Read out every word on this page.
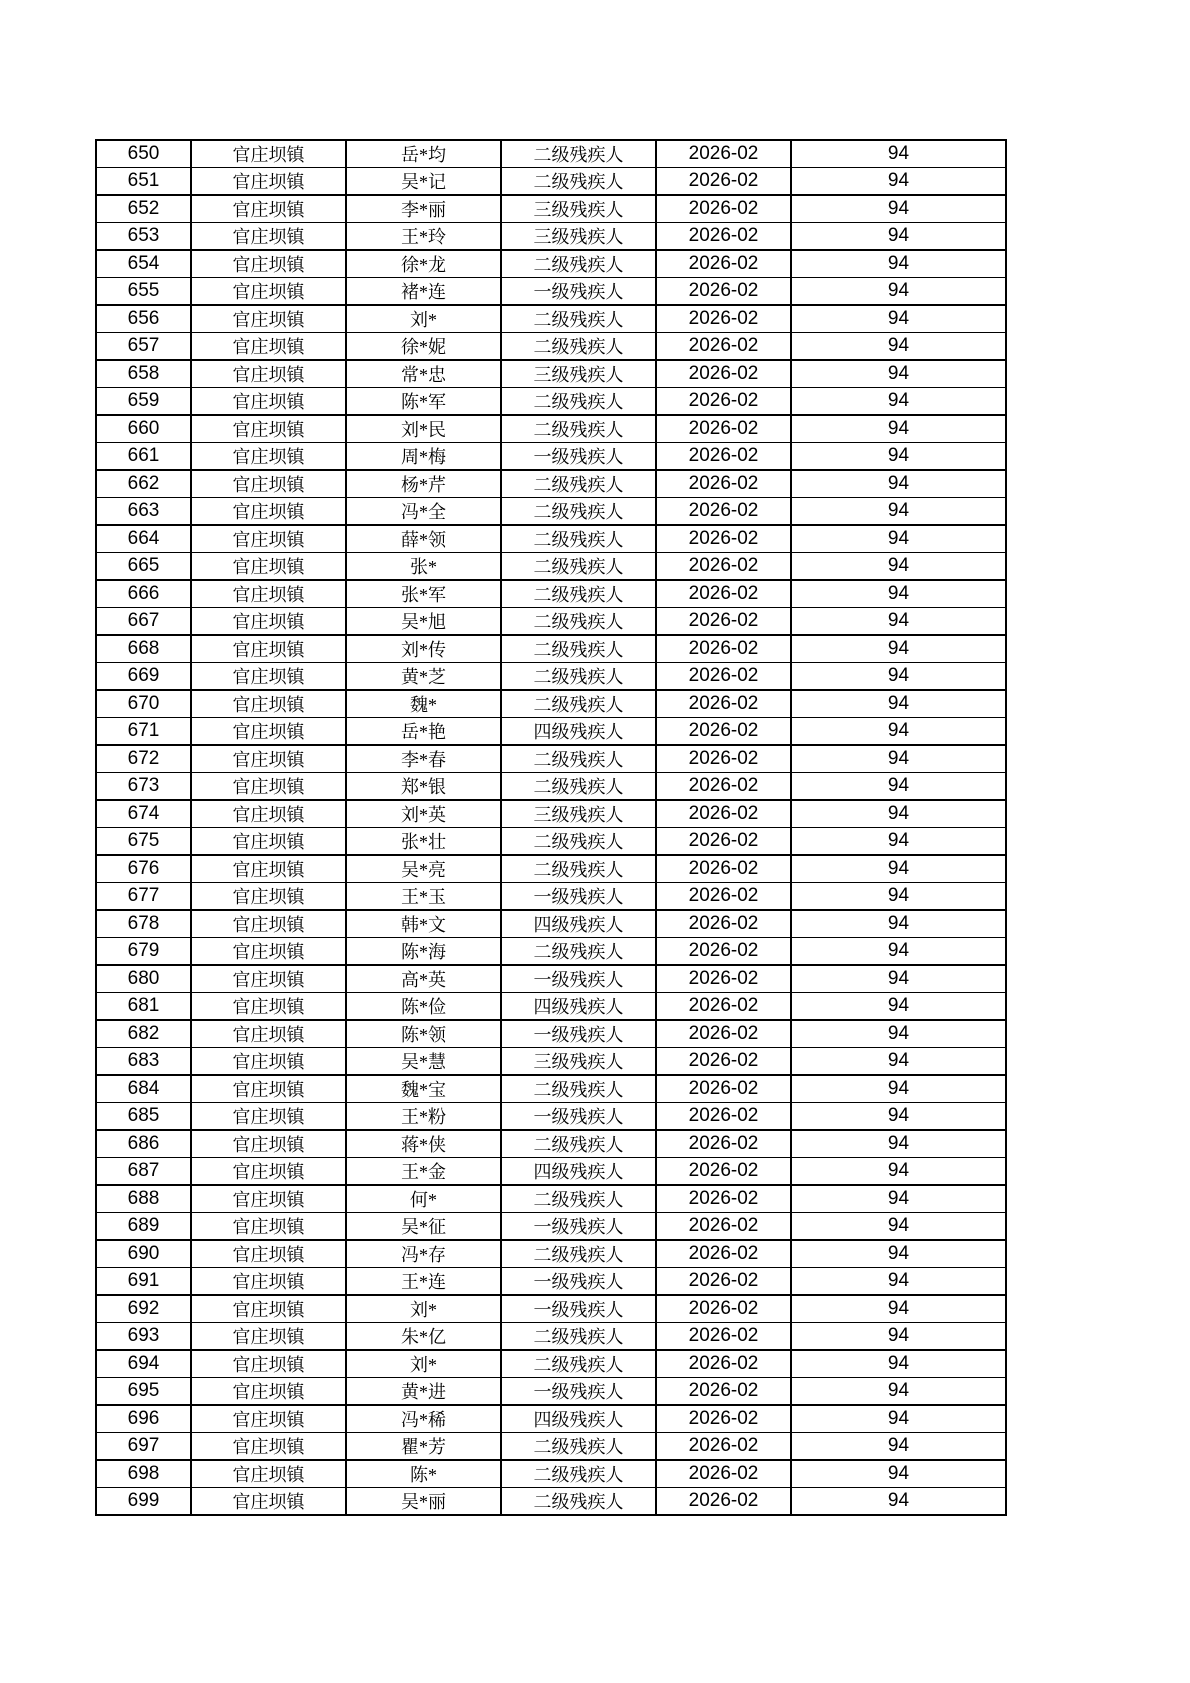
650	官庄坝镇	岳*均	二级残疾人	2026-02	94
651	官庄坝镇	吴*记	二级残疾人	2026-02	94
652	官庄坝镇	李*丽	三级残疾人	2026-02	94
653	官庄坝镇	王*玲	三级残疾人	2026-02	94
654	官庄坝镇	徐*龙	二级残疾人	2026-02	94
655	官庄坝镇	褚*连	一级残疾人	2026-02	94
656	官庄坝镇	刘*	二级残疾人	2026-02	94
657	官庄坝镇	徐*妮	二级残疾人	2026-02	94
658	官庄坝镇	常*忠	三级残疾人	2026-02	94
659	官庄坝镇	陈*军	二级残疾人	2026-02	94
660	官庄坝镇	刘*民	二级残疾人	2026-02	94
661	官庄坝镇	周*梅	一级残疾人	2026-02	94
662	官庄坝镇	杨*芹	二级残疾人	2026-02	94
663	官庄坝镇	冯*全	二级残疾人	2026-02	94
664	官庄坝镇	薛*领	二级残疾人	2026-02	94
665	官庄坝镇	张*	二级残疾人	2026-02	94
666	官庄坝镇	张*军	二级残疾人	2026-02	94
667	官庄坝镇	吴*旭	二级残疾人	2026-02	94
668	官庄坝镇	刘*传	二级残疾人	2026-02	94
669	官庄坝镇	黄*芝	二级残疾人	2026-02	94
670	官庄坝镇	魏*	二级残疾人	2026-02	94
671	官庄坝镇	岳*艳	四级残疾人	2026-02	94
672	官庄坝镇	李*春	二级残疾人	2026-02	94
673	官庄坝镇	郑*银	二级残疾人	2026-02	94
674	官庄坝镇	刘*英	三级残疾人	2026-02	94
675	官庄坝镇	张*壮	二级残疾人	2026-02	94
676	官庄坝镇	吴*亮	二级残疾人	2026-02	94
677	官庄坝镇	王*玉	一级残疾人	2026-02	94
678	官庄坝镇	韩*文	四级残疾人	2026-02	94
679	官庄坝镇	陈*海	二级残疾人	2026-02	94
680	官庄坝镇	高*英	一级残疾人	2026-02	94
681	官庄坝镇	陈*俭	四级残疾人	2026-02	94
682	官庄坝镇	陈*领	一级残疾人	2026-02	94
683	官庄坝镇	吴*慧	三级残疾人	2026-02	94
684	官庄坝镇	魏*宝	二级残疾人	2026-02	94
685	官庄坝镇	王*粉	一级残疾人	2026-02	94
686	官庄坝镇	蒋*侠	二级残疾人	2026-02	94
687	官庄坝镇	王*金	四级残疾人	2026-02	94
688	官庄坝镇	何*	二级残疾人	2026-02	94
689	官庄坝镇	吴*征	一级残疾人	2026-02	94
690	官庄坝镇	冯*存	二级残疾人	2026-02	94
691	官庄坝镇	王*连	一级残疾人	2026-02	94
692	官庄坝镇	刘*	一级残疾人	2026-02	94
693	官庄坝镇	朱*亿	二级残疾人	2026-02	94
694	官庄坝镇	刘*	二级残疾人	2026-02	94
695	官庄坝镇	黄*进	一级残疾人	2026-02	94
696	官庄坝镇	冯*稀	四级残疾人	2026-02	94
697	官庄坝镇	瞿*芳	二级残疾人	2026-02	94
698	官庄坝镇	陈*	二级残疾人	2026-02	94
699	官庄坝镇	吴*丽	二级残疾人	2026-02	94
